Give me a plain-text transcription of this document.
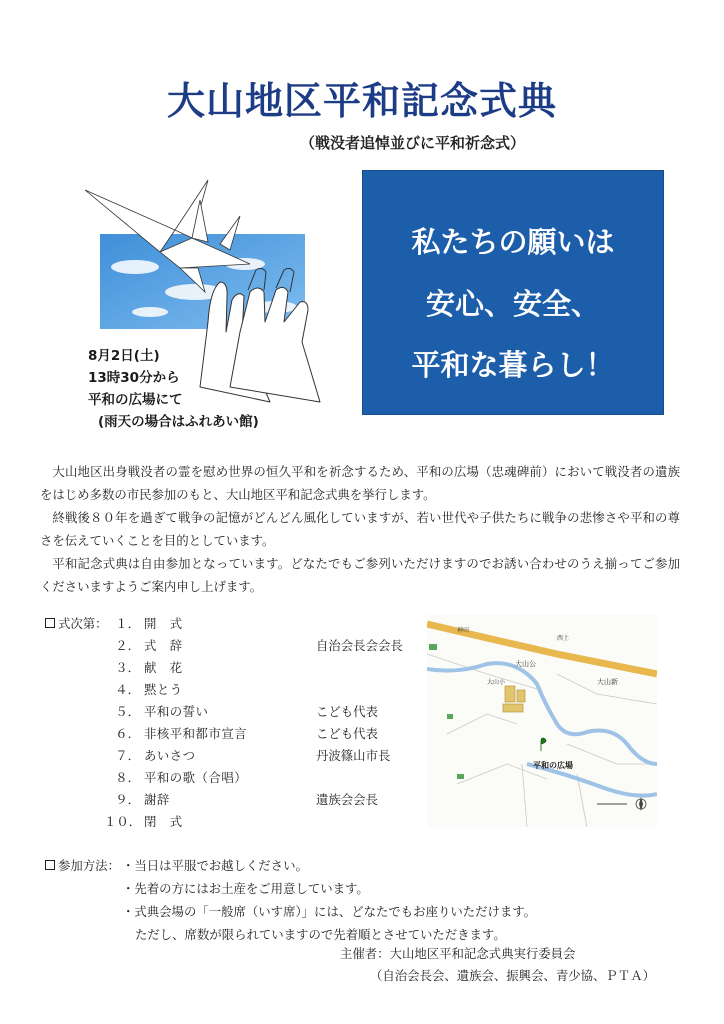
大山地区平和記念式典
（戦没者追悼並びに平和祈念式）
8月2日(土)
13時30分から
平和の広場にて
(雨天の場合はふれあい館)
私たちの願いは
安心、安全、
平和な暮らし！

大山地区出身戦没者の霊を慰め世界の恒久平和を祈念するため、平和の広場（忠魂碑前）において戦没者の遺族をはじめ多数の市民参加のもと、大山地区平和記念式典を挙行します。

終戦後８０年を過ぎて戦争の記憶がどんどん風化していますが、若い世代や子供たちに戦争の悲惨さや平和の尊さを伝えていくことを目的としています。

平和記念式典は自由参加となっています。どなたでもご参列いただけますのでお誘い合わせのうえ揃ってご参加くださいますようご案内申し上げます。

式次第： １． 開　式
２． 式　辞	自治会長会会長
３． 献　花
４． 黙とう
５． 平和の誓い	こども代表
６． 非核平和都市宣言	こども代表
７． あいさつ	丹波篠山市長
８． 平和の歌（合唱）
９． 謝辞	遺族会会長
１０． 閉　式
平和の広場
大山公
大山新
大山小
神田
西土
参加方法： ・当日は平服でお越しください。
・先着の方にはお土産をご用意しています。
・式典会場の「一般席（いす席）」には、どなたでもお座りいただけます。
ただし、席数が限られていますので先着順とさせていただきます。
主催者：大山地区平和記念式典実行委員会
（自治会長会、遺族会、振興会、青少協、ＰＴＡ）
